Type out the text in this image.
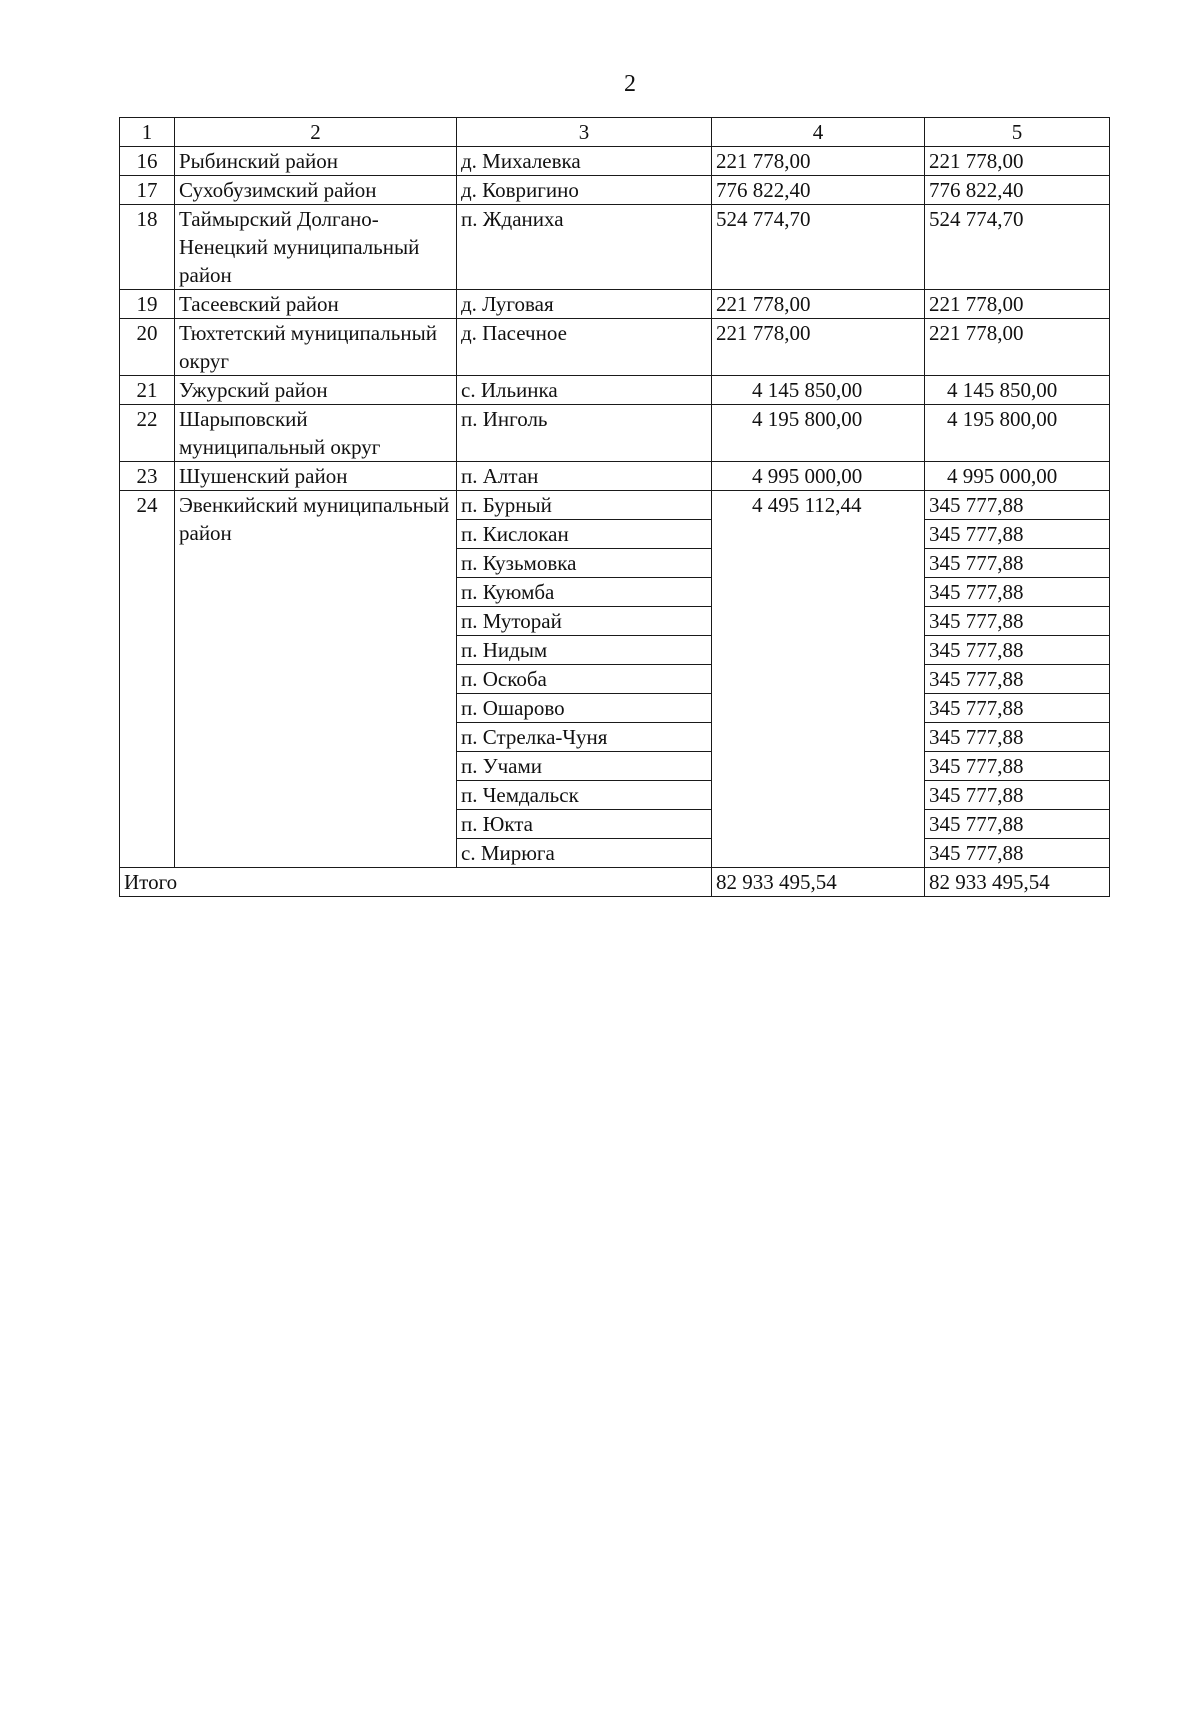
2
1	2	3	4	5
16	Рыбинский район	д. Михалевка	221 778,00	221 778,00
17	Сухобузимский район	д. Ковригино	776 822,40	776 822,40
18	Таймырский Долгано-Ненецкий муниципальный район	п. Жданиха	524 774,70	524 774,70
19	Тасеевский район	д. Луговая	221 778,00	221 778,00
20	Тюхтетский муниципальный округ	д. Пасечное	221 778,00	221 778,00
21	Ужурский район	с. Ильинка	4 145 850,00	4 145 850,00
22	Шарыповский муниципальный округ	п. Инголь	4 195 800,00	4 195 800,00
23	Шушенский район	п. Алтан	4 995 000,00	4 995 000,00
24	Эвенкийский муниципальный район	п. Бурный	4 495 112,44	345 777,88
		п. Кислокан		345 777,88
		п. Кузьмовка		345 777,88
		п. Куюмба		345 777,88
		п. Муторай		345 777,88
		п. Нидым		345 777,88
		п. Оскоба		345 777,88
		п. Ошарово		345 777,88
		п. Стрелка-Чуня		345 777,88
		п. Учами		345 777,88
		п. Чемдальск		345 777,88
		п. Юкта		345 777,88
		с. Мирюга		345 777,88
Итого			82 933 495,54	82 933 495,54
